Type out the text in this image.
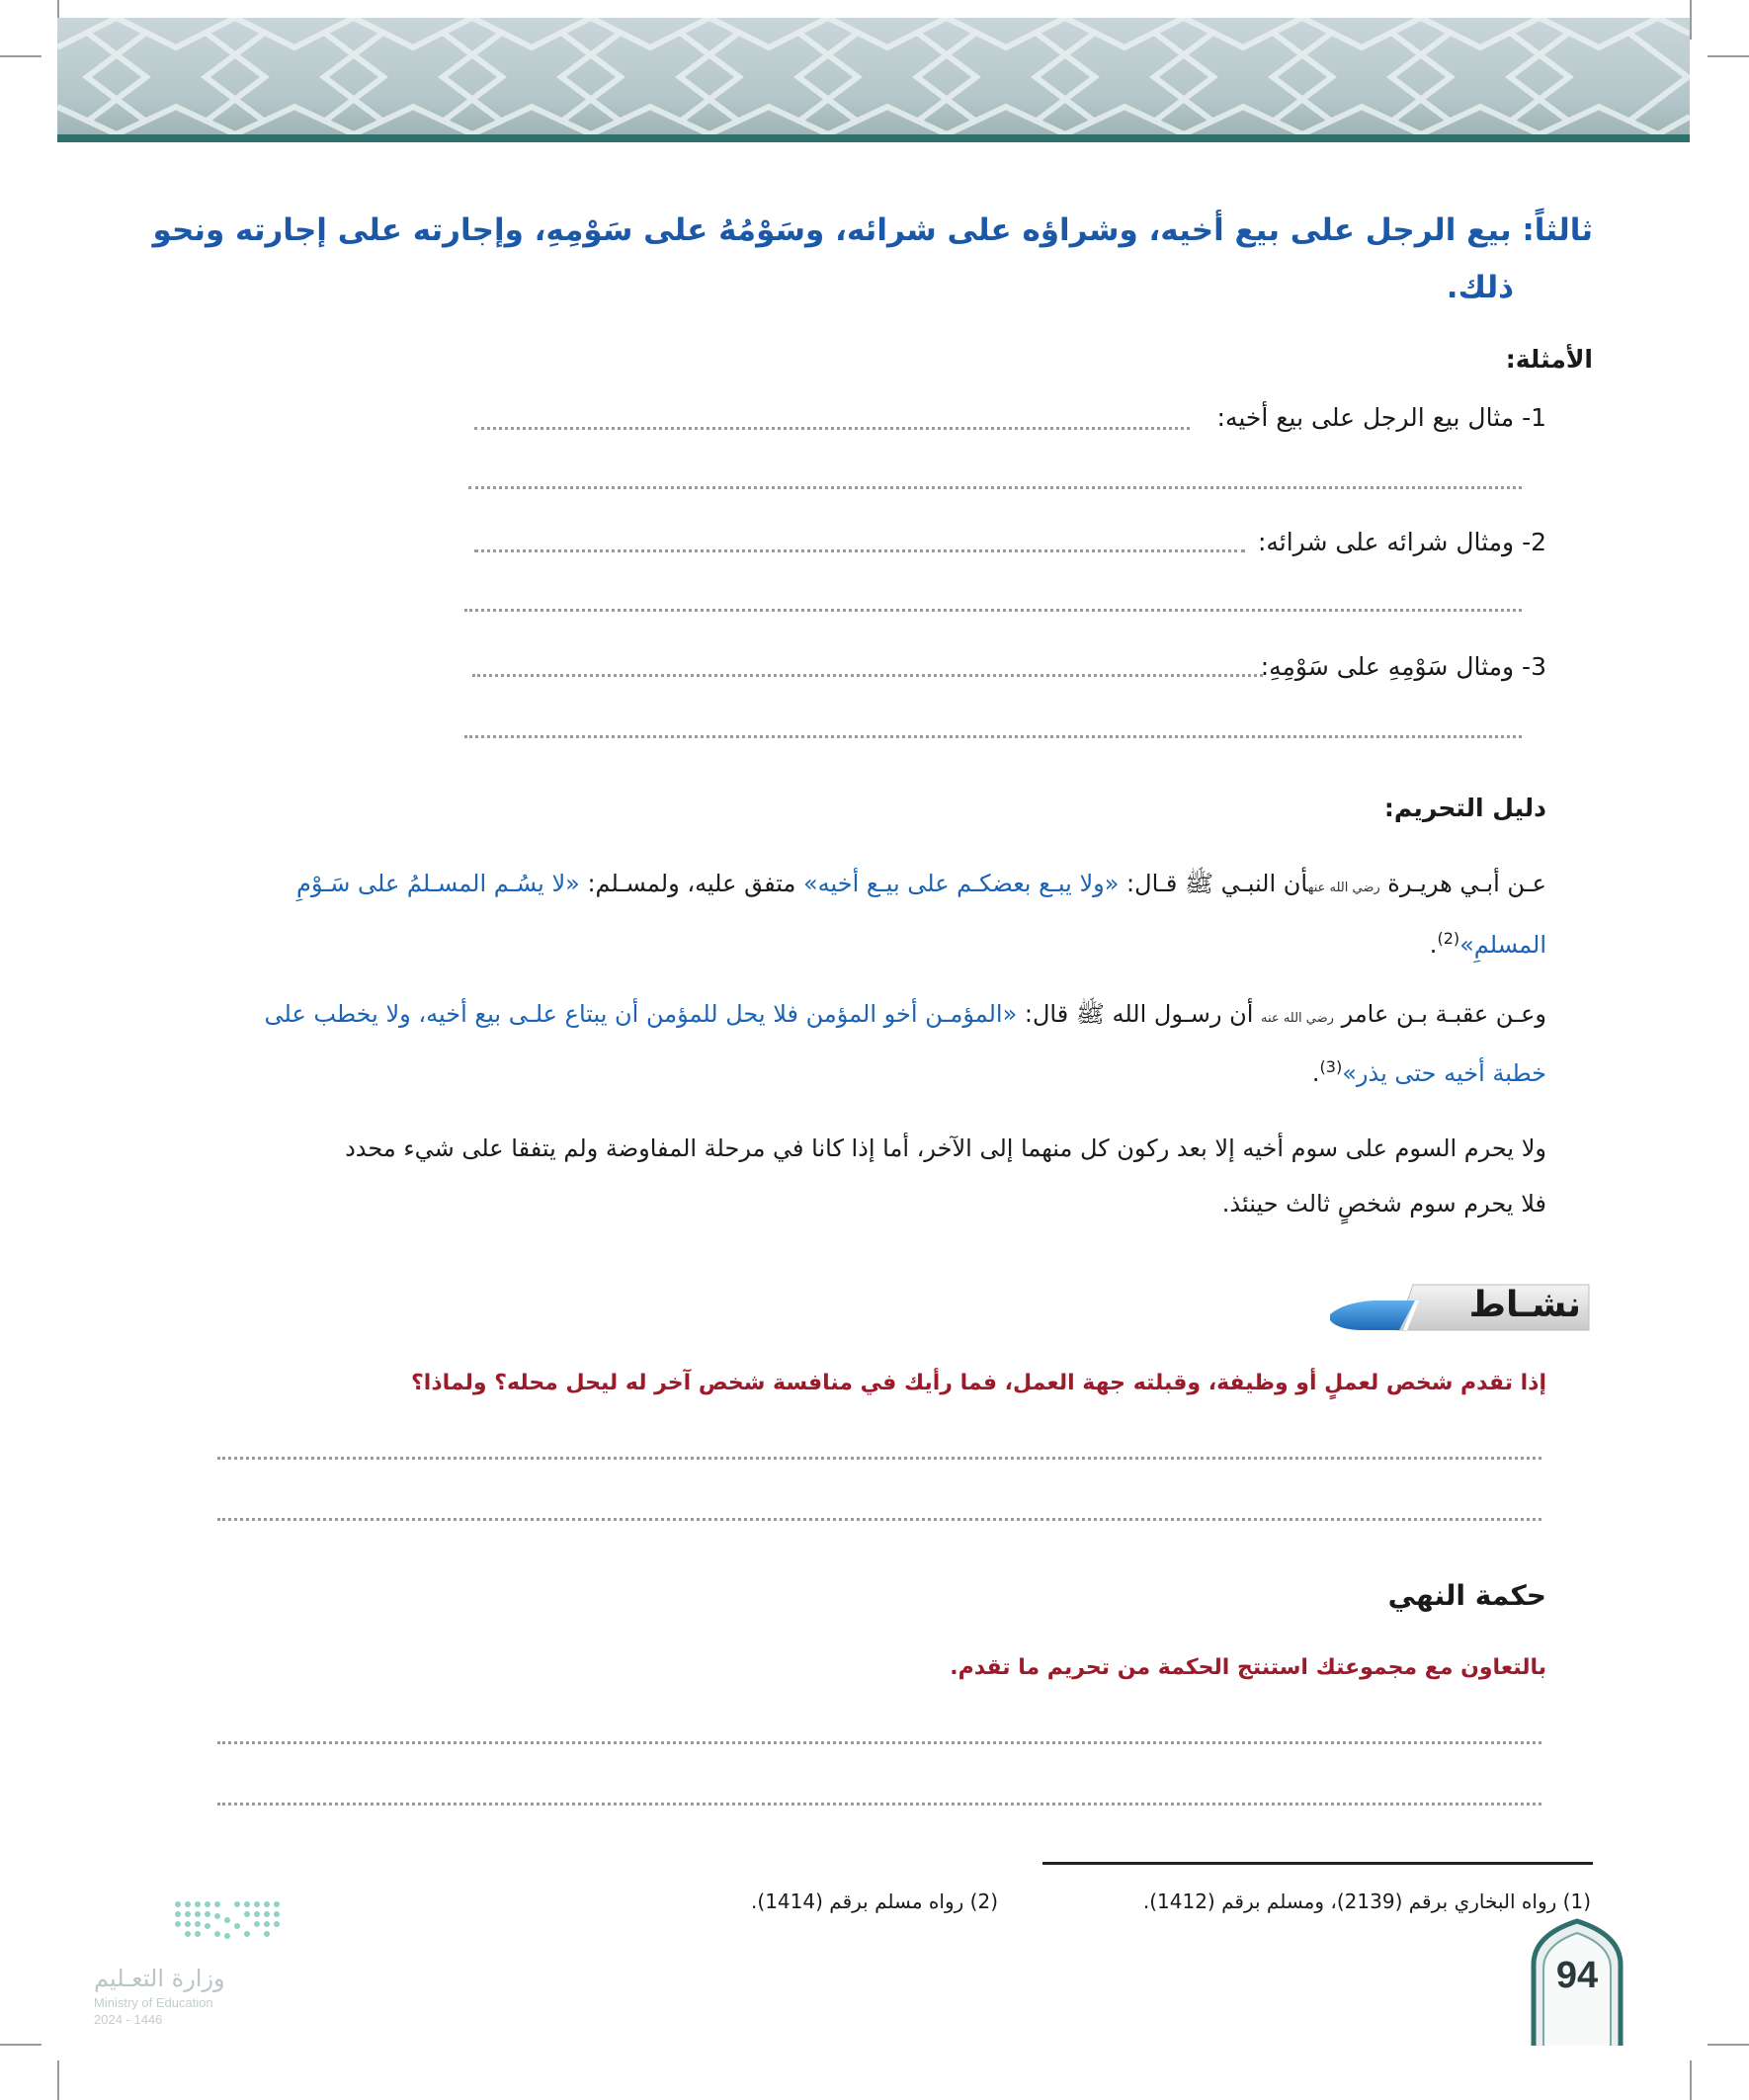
ثالثاً: بيع الرجل على بيع أخيه، وشراؤه على شرائه، وسَوْمُهُ على سَوْمِهِ، وإجارته على إجارته ونحو
ذلك.
الأمثلة:
1- مثال بيع الرجل على بيع أخيه:
2- ومثال شرائه على شرائه:
3- ومثال سَوْمِهِ على سَوْمِهِ:
دليل التحريم:
عـن أبـي هريـرة رضي الله عنهأن النبـي ﷺ قـال: «ولا يبـع بعضكـم على بيـع أخيه» متفق عليه، ولمسـلم: «لا يسُـم المسـلمُ على سَـوْمِ
المسلمِ»$^{(2)}$.
وعـن عقبـة بـن عامر رضي الله عنه أن رسـول الله ﷺ قال: «المؤمـن أخو المؤمن فلا يحل للمؤمن أن يبتاع علـى بيع أخيه، ولا يخطب على
خطبة أخيه حتى يذر»$^{(3)}$.
ولا يحرم السوم على سوم أخيه إلا بعد ركون كل منهما إلى الآخر، أما إذا كانا في مرحلة المفاوضة ولم يتفقا على شيء محدد
فلا يحرم سوم شخصٍ ثالث حينئذ.
نشـاط
إذا تقدم شخص لعملٍ أو وظيفة، وقبلته جهة العمل، فما رأيك في منافسة شخص آخر له ليحل محله؟ ولماذا؟
حكمة النهي
بالتعاون مع مجموعتك استنتج الحكمة من تحريم ما تقدم.
(1) رواه البخاري برقم (2139)، ومسلم برقم (1412).
(2) رواه مسلم برقم (1414).
وزارة التعـليم
Ministry of Education
2024 - 1446
94
